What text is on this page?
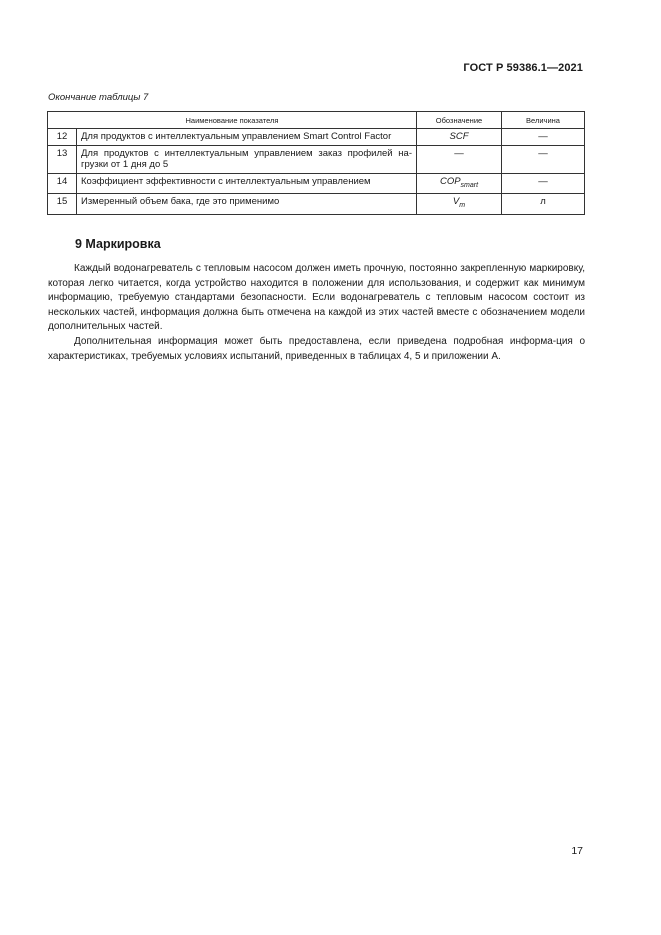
ГОСТ Р 59386.1—2021
Окончание таблицы 7
Наименование показателя		Обозначение	Величина
12	Для продуктов с интеллектуальным управлением Smart Control Factor	SCF	—
13	Для продуктов с интеллектуальным управлением заказ профилей на-грузки от 1 дня до 5	—	—
14	Коэффициент эффективности с интеллектуальным управлением	$COP_{smart}$	—
15	Измеренный объем бака, где это применимо	$V_m$	л
9 Маркировка

Каждый водонагреватель с тепловым насосом должен иметь прочную, постоянно закрепленную маркировку, которая легко читается, когда устройство находится в положении для использования, и содержит как минимум информацию, требуемую стандартами безопасности. Если водонагреватель с тепловым насосом состоит из нескольких частей, информация должна быть отмечена на каждой из этих частей вместе с обозначением модели дополнительных частей.

Дополнительная информация может быть предоставлена, если приведена подробная информа-ция о характеристиках, требуемых условиях испытаний, приведенных в таблицах 4, 5 и приложении А.

17
